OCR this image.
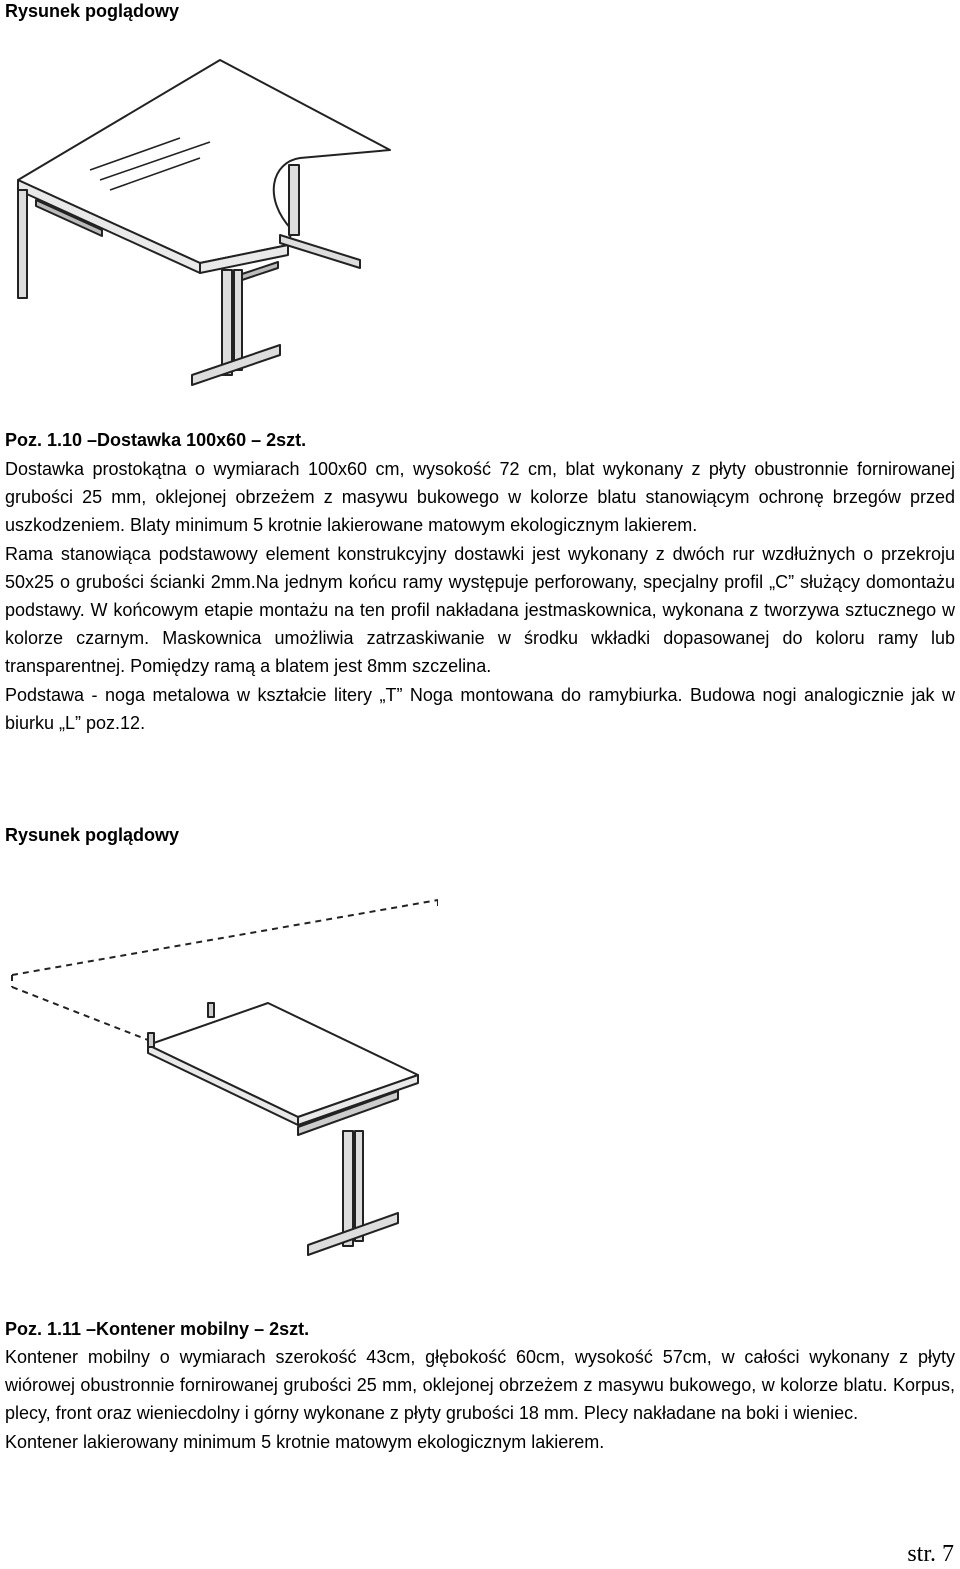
Rysunek poglądowy
Poz. 1.10 –Dostawka 100x60 – 2szt.

Dostawka prostokątna o wymiarach 100x60 cm, wysokość 72 cm, blat wykonany z płyty obustronnie fornirowanej grubości 25 mm, oklejonej obrzeżem z masywu bukowego w kolorze blatu stanowiącym ochronę brzegów przed uszkodzeniem. Blaty minimum 5 krotnie lakierowane matowym ekologicznym lakierem.

Rama stanowiąca podstawowy element konstrukcyjny dostawki jest wykonany z dwóch rur wzdłużnych o przekroju 50x25 o grubości ścianki 2mm.Na jednym końcu ramy występuje perforowany, specjalny profil „C” służący domontażu podstawy. W końcowym etapie montażu na ten profil nakładana jestmaskownica, wykonana z tworzywa sztucznego w kolorze czarnym. Maskownica umożliwia zatrzaskiwanie w środku wkładki dopasowanej do koloru ramy lub transparentnej. Pomiędzy ramą a blatem jest 8mm szczelina.

Podstawa - noga metalowa w kształcie litery „T” Noga montowana do ramybiurka. Budowa nogi analogicznie jak w biurku „L” poz.12.

Rysunek poglądowy
Poz. 1.11 –Kontener mobilny – 2szt.

Kontener mobilny o wymiarach szerokość 43cm, głębokość 60cm, wysokość 57cm, w całości wykonany z płyty wiórowej obustronnie fornirowanej grubości 25 mm, oklejonej obrzeżem z masywu bukowego, w kolorze blatu. Korpus, plecy, front oraz wieniecdolny i górny wykonane z płyty grubości 18 mm. Plecy nakładane na boki i wieniec.

Kontener lakierowany minimum 5 krotnie matowym ekologicznym lakierem.

str. 7
